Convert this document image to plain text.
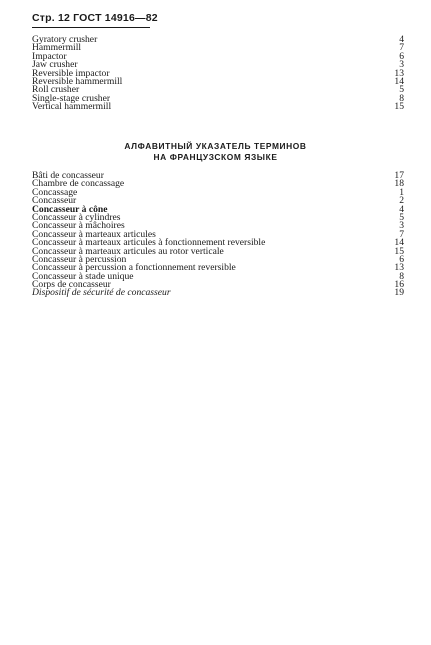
Стр. 12 ГОСТ 14916—82
Gyratory crusher	4
Hammermill	7
Impactor	6
Jaw crusher	3
Reversible impactor	13
Reversible hammermill	14
Roll crusher	5
Single-stage crusher	8
Vertical hammermill	15
АЛФАВИТНЫЙ УКАЗАТЕЛЬ ТЕРМИНОВ
НА ФРАНЦУЗСКОМ ЯЗЫКЕ
Bâti de concasseur	17
Chambre de concassage	18
Concassage	1
Concasseur	2
Concasseur à cône	4
Concasseur à cylindres	5
Concasseur à mâchoires	3
Concasseur à marteaux articules	7
Concasseur à marteaux articules à fonctionnement reversible	14
Concasseur à marteaux articules au rotor verticale	15
Concasseur à percussion	6
Concasseur à percussion a fonctionnement reversible	13
Concasseur à stade unique	8
Corps de concasseur	16
Dispositif de sécurité de concasseur	19
